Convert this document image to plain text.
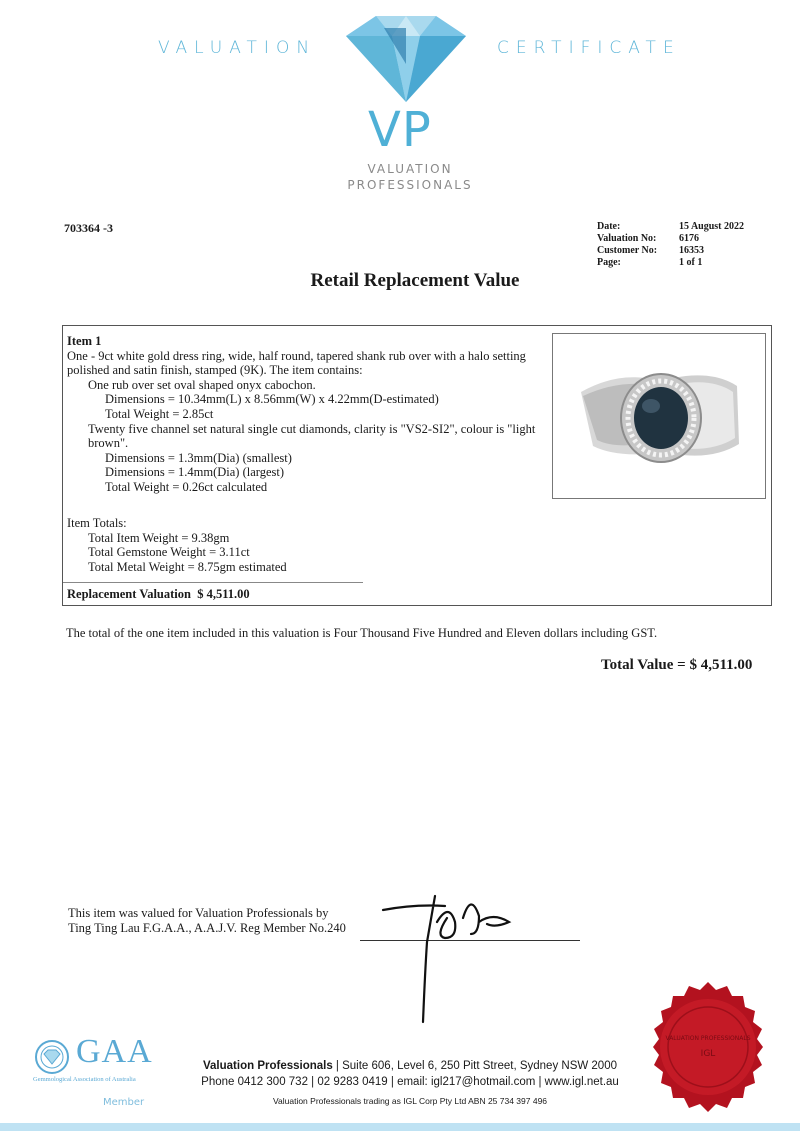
VALUATION	CERTIFICATE
VP
VALUATION
PROFESSIONALS
703364 -3	Date:	15 August 2022
Valuation No:	6176
Customer No:	16353
Page:	1 of 1
Retail Replacement Value
Item 1
One - 9ct white gold dress ring, wide, half round, tapered shank rub over with a halo setting
polished and satin finish, stamped (9K). The item contains:
One rub over set oval shaped onyx cabochon.
Dimensions = 10.34mm(L) x 8.56mm(W) x 4.22mm(D-estimated)
Total Weight = 2.85ct
Twenty five channel set natural single cut diamonds, clarity is "VS2-SI2", colour is "light brown".
Dimensions = 1.3mm(Dia) (smallest)
Dimensions = 1.4mm(Dia) (largest)
Total Weight = 0.26ct calculated
Item Totals:
Total Item Weight = 9.38gm
Total Gemstone Weight = 3.11ct
Total Metal Weight = 8.75gm estimated
Replacement Valuation $ 4,511.00
The total of the one item included in this valuation is Four Thousand Five Hundred and Eleven dollars including GST.
Total Value = $ 4,511.00
This item was valued for Valuation Professionals by
Ting Ting Lau F.G.A.A., A.A.J.V. Reg Member No.240
VALUATION PROFESSIONALS
IGL
GAA
Gemmological Association of Australia
Member
Valuation Professionals | Suite 606, Level 6, 250 Pitt Street, Sydney NSW 2000
Phone 0412 300 732 | 02 9283 0419 | email: igl217@hotmail.com | www.igl.net.au
Valuation Professionals trading as IGL Corp Pty Ltd ABN 25 734 397 496
